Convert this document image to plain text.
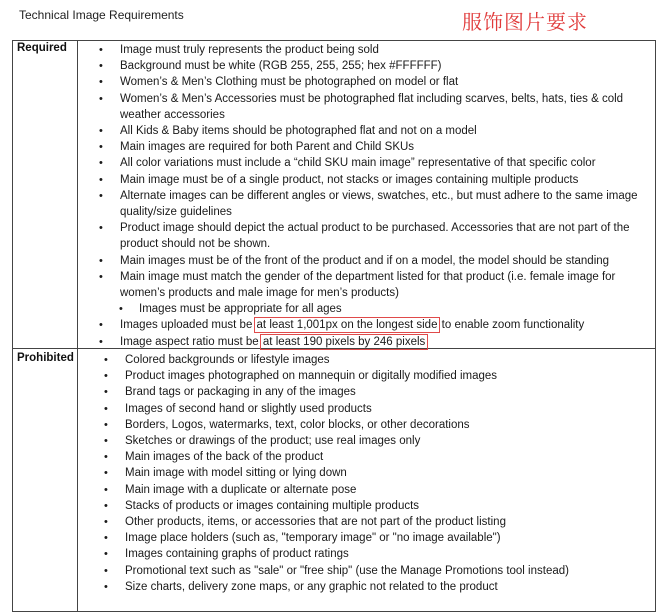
Technical Image Requirements	服饰图片要求
Required	• Image must truly represents the product being sold
• Background must be white (RGB 255, 255, 255; hex #FFFFFF)
• Women’s & Men’s Clothing must be photographed on model or flat
• Women’s & Men’s Accessories must be photographed flat including scarves, belts, hats, ties & cold weather accessories
• All Kids & Baby items should be photographed flat and not on a model
• Main images are required for both Parent and Child SKUs
• All color variations must include a “child SKU main image” representative of that specific color
• Main image must be of a single product, not stacks or images containing multiple products
• Alternate images can be different angles or views, swatches, etc., but must adhere to the same image quality/size guidelines
• Product image should depict the actual product to be purchased. Accessories that are not part of the product should not be shown.
• Main images must be of the front of the product and if on a model, the model should be standing
• Main image must match the gender of the department listed for that product (i.e. female image for women’s products and male image for men’s products)
• Images must be appropriate for all ages
• Images uploaded must be at least 1,001px on the longest side to enable zoom functionality
• Image aspect ratio must be at least 190 pixels by 246 pixels
Prohibited	• Colored backgrounds or lifestyle images
• Product images photographed on mannequin or digitally modified images
• Brand tags or packaging in any of the images
• Images of second hand or slightly used products
• Borders, Logos, watermarks, text, color blocks, or other decorations
• Sketches or drawings of the product; use real images only
• Main images of the back of the product
• Main image with model sitting or lying down
• Main image with a duplicate or alternate pose
• Stacks of products or images containing multiple products
• Other products, items, or accessories that are not part of the product listing
• Image place holders (such as, "temporary image" or "no image available")
• Images containing graphs of product ratings
• Promotional text such as "sale" or "free ship" (use the Manage Promotions tool instead)
• Size charts, delivery zone maps, or any graphic not related to the product
